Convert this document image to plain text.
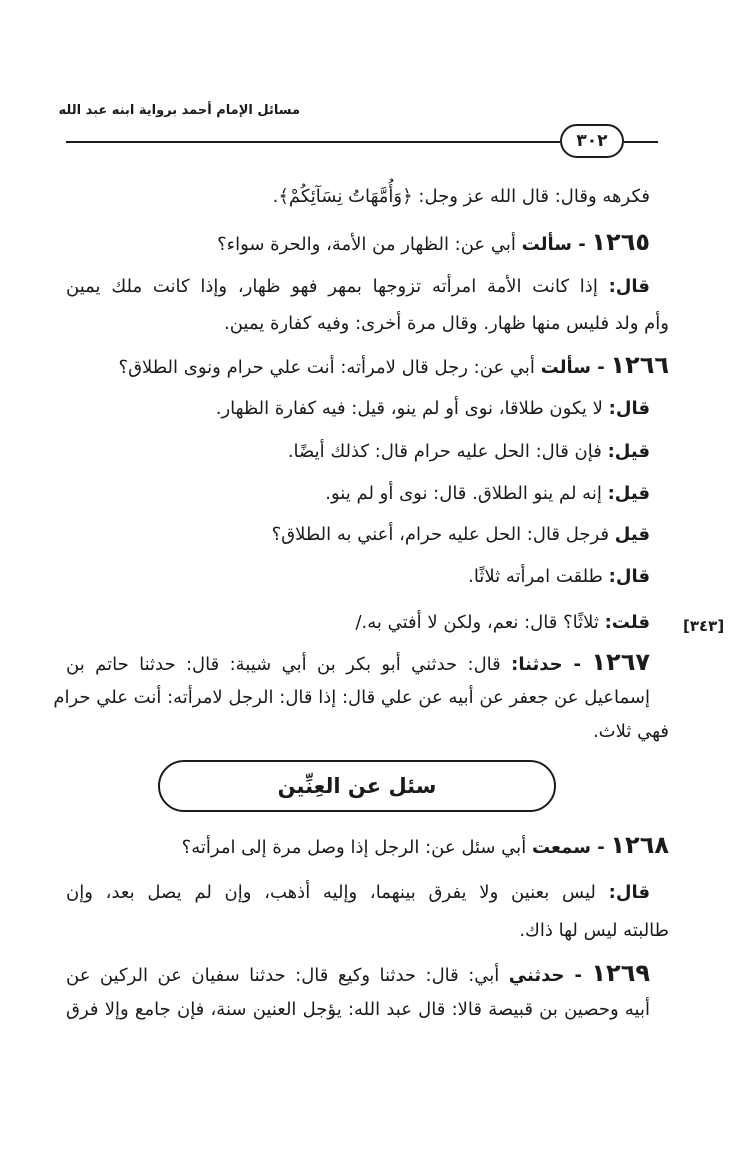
مسائل الإمام أحمد برواية ابنه عبد الله
٣٠٢
فكرهه وقال: قال الله عز وجل: ﴿وَأُمَّهَاتُ نِسَآئِكُمْ﴾.
١٢٦٥ - سألت أبي عن: الظهار من الأمة، والحرة سواء؟
قال: إذا كانت الأمة امرأته تزوجها بمهر فهو ظهار، وإذا كانت ملك يمين
وأم ولد فليس منها ظهار. وقال مرة أخرى: وفيه كفارة يمين.
١٢٦٦ - سألت أبي عن: رجل قال لامرأته: أنت علي حرام ونوى الطلاق؟
قال: لا يكون طلاقا، نوى أو لم ينو، قيل: فيه كفارة الظهار.
قيل: فإن قال: الحل عليه حرام قال: كذلك أيضًا.
قيل: إنه لم ينو الطلاق. قال: نوى أو لم ينو.
قيل فرجل قال: الحل عليه حرام، أعني به الطلاق؟
قال: طلقت امرأته ثلاثًا.
قلت: ثلاثًا؟ قال: نعم، ولكن لا أفتي به./	[٣٤٣]
١٢٦٧ - حدثنا: قال: حدثني أبو بكر بن أبي شيبة: قال: حدثنا حاتم بن
إسماعيل عن جعفر عن أبيه عن علي قال: إذا قال: الرجل لامرأته: أنت علي حرام
فهي ثلاث.
سئل عن العِنِّين
١٢٦٨ - سمعت أبي سئل عن: الرجل إذا وصل مرة إلى امرأته؟
قال: ليس بعنين ولا يفرق بينهما، وإليه أذهب، وإن لم يصل بعد، وإن
طالبته ليس لها ذاك.
١٢٦٩ - حدثني أبي: قال: حدثنا وكيع قال: حدثنا سفيان عن الركين عن
أبيه وحصين بن قبيصة قالا: قال عبد الله: يؤجل العنين سنة، فإن جامع وإلا فرق
